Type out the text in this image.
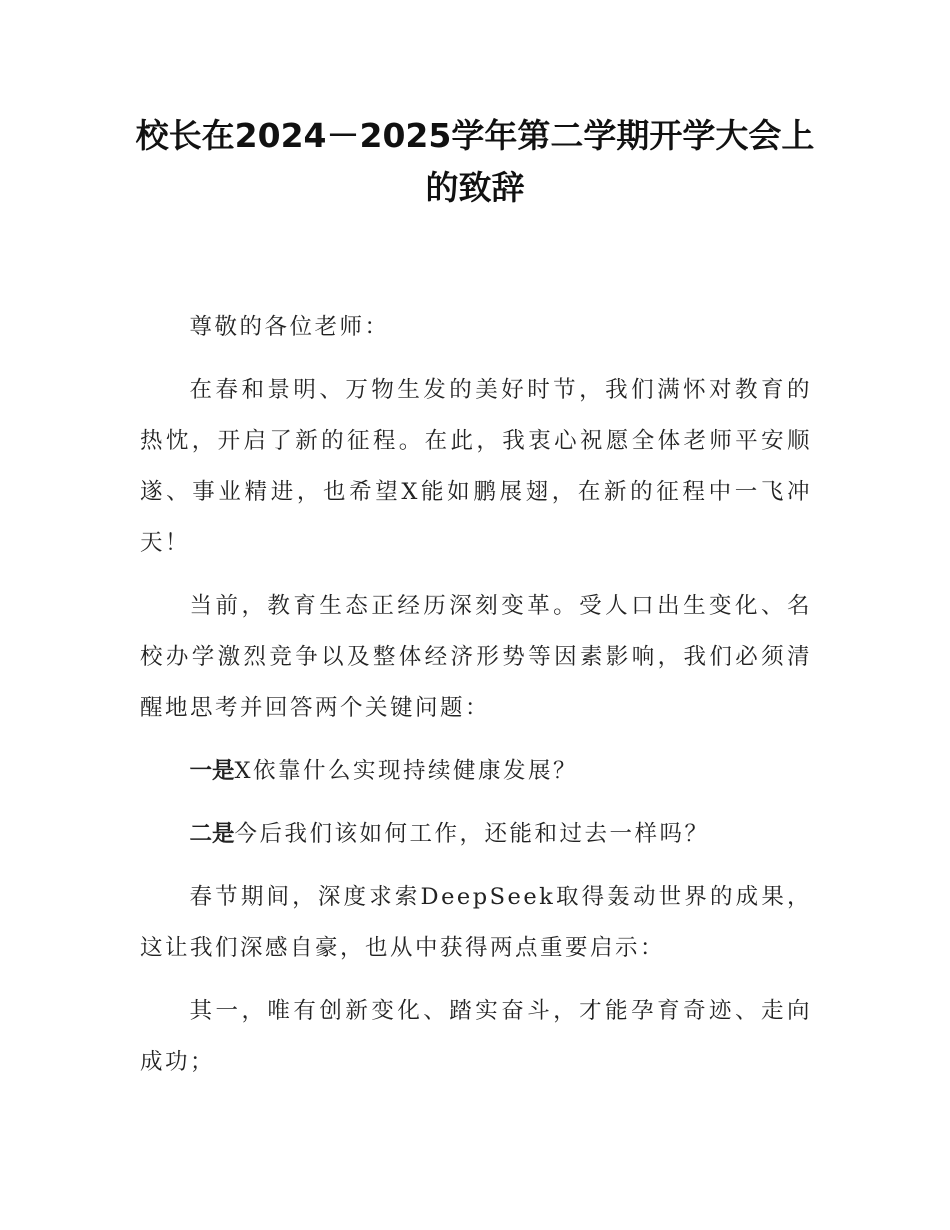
校长在2024－2025学年第二学期开学大会上的致辞

尊敬的各位老师：

在春和景明、万物生发的美好时节，我们满怀对教育的热忱，开启了新的征程。在此，我衷心祝愿全体老师平安顺遂、事业精进，也希望X能如鹏展翅，在新的征程中一飞冲天！

当前，教育生态正经历深刻变革。受人口出生变化、名校办学激烈竞争以及整体经济形势等因素影响，我们必须清醒地思考并回答两个关键问题：

一是X依靠什么实现持续健康发展？

二是今后我们该如何工作，还能和过去一样吗？

春节期间，深度求索DeepSeek取得轰动世界的成果，这让我们深感自豪，也从中获得两点重要启示：

其一，唯有创新变化、踏实奋斗，才能孕育奇迹、走向成功；
